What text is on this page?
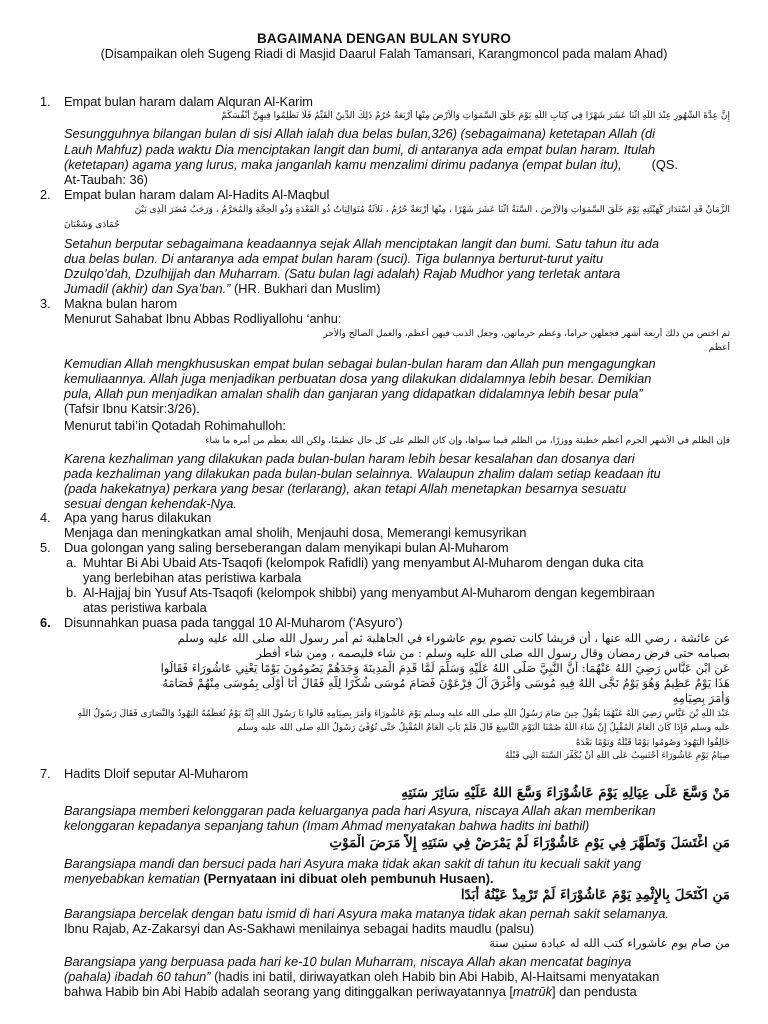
BAGAIMANA DENGAN BULAN SYURO
(Disampaikan oleh Sugeng Riadi di Masjid Daarul Falah Tamansari, Karangmoncol pada malam Ahad)
1. Empat bulan haram dalam Alquran Al-Karim
إِنَّ عِدَّةَ الشُّهُورِ عِنْدَ اللَّهِ اثْنَا عَشَرَ شَهْرًا فِي كِتَابِ اللَّهِ يَوْمَ خَلَقَ السَّمَوَاتِ وَالْأَرْضَ مِنْهَا أَرْبَعَةٌ حُرُمٌ ذَلِكَ الدِّينُ الْقَيِّمُ فَلَا تَظْلِمُوا فِيهِنَّ أَنْفُسَكُمْ
Sesungguhnya bilangan bulan di sisi Allah ialah dua belas bulan,326) (sebagaimana) ketetapan Allah (di
Lauh Mahfuz) pada waktu Dia menciptakan langit dan bumi, di antaranya ada empat bulan haram. Itulah
(ketetapan) agama yang lurus, maka janganlah kamu menzalimi dirimu padanya (empat bulan itu), (QS.
At-Taubah: 36)
2. Empat bulan haram dalam Al-Hadits Al-Maqbul
الزَّمَانُ قَدِ اسْتَدَارَ كَهَيْئَتِهِ يَوْمَ خَلَقَ السَّمَوَاتِ وَالأَرْضَ ، السَّنَةُ اثْنَا عَشَرَ شَهْرًا ، مِنْهَا أَرْبَعَةٌ حُرُمٌ ، ثَلاَثَةٌ مُتَوَالِيَاتٌ ذُو الْقَعْدَةِ وَذُو الْحِجَّةِ وَالْمُحَرَّمُ ، وَرَجَبُ مُضَرَ الَّذِى بَيْنَ
جُمَادَى وَشَعْبَانَ
Setahun berputar sebagaimana keadaannya sejak Allah menciptakan langit dan bumi. Satu tahun itu ada
dua belas bulan. Di antaranya ada empat bulan haram (suci). Tiga bulannya berturut-turut yaitu
Dzulqo’dah, Dzulhijjah dan Muharram. (Satu bulan lagi adalah) Rajab Mudhor yang terletak antara
Jumadil (akhir) dan Sya’ban.” (HR. Bukhari dan Muslim)
3. Makna bulan harom
Menurut Sahabat Ibnu Abbas Rodliyallohu ‘anhu:
ثم اختص من ذلك أربعة أشهر فجعلهن حراما، وعظم حرماتهن، وجعل الذنب فيهن أعظم، والعمل الصالح والأجر
أعظم
Kemudian Allah mengkhususkan empat bulan sebagai bulan-bulan haram dan Allah pun mengagungkan
kemuliaannya. Allah juga menjadikan perbuatan dosa yang dilakukan didalamnya lebih besar. Demikian
pula, Allah pun menjadikan amalan shalih dan ganjaran yang didapatkan didalamnya lebih besar pula”
(Tafsir Ibnu Katsir:3/26).
Menurut tabi’in Qotadah Rohimahulloh:
فإن الظلم في الأشهر الحرم أعظم خطيئة ووزرًا، من الظلم فيما سواها، وإن كان الظلم على كل حال عظيمًا، ولكن الله يعظّم من أمره ما شاء
Karena kezhaliman yang dilakukan pada bulan-bulan haram lebih besar kesalahan dan dosanya dari
pada kezhaliman yang dilakukan pada bulan-bulan selainnya. Walaupun zhalim dalam setiap keadaan itu
(pada hakekatnya) perkara yang besar (terlarang), akan tetapi Allah menetapkan besarnya sesuatu
sesuai dengan kehendak-Nya.
4. Apa yang harus dilakukan
Menjaga dan meningkatkan amal sholih, Menjauhi dosa, Memerangi kemusyrikan
5. Dua golongan yang saling berseberangan dalam menyikapi bulan Al-Muharom
a. Muhtar Bi Abi Ubaid Ats-Tsaqofi (kelompok Rafidli) yang menyambut Al-Muharom dengan duka cita
yang berlebihan atas peristiwa karbala
b. Al-Hajjaj bin Yusuf Ats-Tsaqofi (kelompok shibbi) yang menyambut Al-Muharom dengan kegembiraan
atas peristiwa karbala
6. Disunnahkan puasa pada tanggal 10 Al-Muharom (‘Asyuro’)
عن عائشة ، رضي الله عنها ، أن قريشا كانت تصوم يوم عاشوراء في الجاهلية ثم أمر رسول الله صلى الله عليه وسلم
بصيامه حتى فرض رمضان وقال رسول الله صلى الله عليه وسلم : من شاء فليصمه ، ومن شاء أفطر
عَنِ ابْنِ عَبَّاسٍ رَضِيَ اللهُ عَنْهُمَا: أَنَّ النَّبِيَّ صَلَّى اللهُ عَلَيْهِ وَسَلَّمَ لَمَّا قَدِمَ الْمَدِينَةَ وَجَدَهُمْ يَصُومُونَ يَوْمًا يَعْنِي عَاشُورَاءَ فَقَالُوا
هَذَا يَوْمٌ عَظِيمٌ وَهُوَ يَوْمٌ نَجَّى اللهُ فِيهِ مُوسَى وَأَغْرَقَ آلَ فِرْعَوْنَ فَصَامَ مُوسَى شُكْرًا لِلَّهِ فَقَالَ أَنَا أَوْلَى بِمُوسَى مِنْهُمْ فَصَامَهُ
وَأَمَرَ بِصِيَامِهِ
عَبْدَ اللَّهِ بْنَ عَبَّاسٍ رَضِيَ اللَّهُ عَنْهُمَا يَقُولُ حِينَ صَامَ رَسُولُ اللَّهِ صلى الله عليه وسلم يَوْمَ عَاشُورَاءَ وَأَمَرَ بِصِيَامِهِ قَالُوا يَا رَسُولَ اللَّهِ إِنَّهُ يَوْمٌ تُعَظِّمُهُ الْيَهُودُ وَالنَّصَارَى فَقَالَ رَسُولُ اللَّهِ
عليه وسلم فَإِذَا كَانَ الْعَامُ الْمُقْبِلُ إِنْ شَاءَ اللَّهُ صُمْنَا الْيَوْمَ التَّاسِعَ قَالَ فَلَمْ يَأْتِ الْعَامُ الْمُقْبِلُ حَتَّى تُوُفِّيَ رَسُولُ اللَّهِ صلى الله عليه وسلم
خَالِفُوا الْيَهُودَ وَصُومُوا يَوْمًا قَبْلَهُ وَيَوْمًا بَعْدَهُ
صِيَامُ يَوْمِ عَاشُورَاءَ أَحْتَسِبُ عَلَى اللَّهِ أَنْ يُكَفِّرَ السَّنَةَ الَّتِي قَبْلَهُ
7. Hadits Dloif seputar Al-Muharom
مَنْ وَسَّعَ عَلَى عِيَالِهِ يَوْمَ عَاشُوْرَاءَ وَسَّعَ اللهُ عَلَيْهِ سَائِرَ سَنَتِهِ
Barangsiapa memberi kelonggaran pada keluarganya pada hari Asyura, niscaya Allah akan memberikan
kelonggaran kepadanya sepanjang tahun (Imam Ahmad menyatakan bahwa hadits ini bathil)
مَنِ اغْتَسَلَ وَتَطَهَّرَ فِي يَوْمِ عَاشُوْرَاءَ لَمْ يَمْرَضْ فِي سَنَتِهِ إِلاَّ مَرَضَ الْمَوْتِ
Barangsiapa mandi dan bersuci pada hari Asyura maka tidak akan sakit di tahun itu kecuali sakit yang
menyebabkan kematian (Pernyataan ini dibuat oleh pembunuh Husaen).
مَنِ اكْتَحَلَ بِالإِثْمِدِ يَوْمَ عَاشُوْرَاءَ لَمْ تَرْمِدْ عَيْنُهُ أَبَدًا
Barangsiapa bercelak dengan batu ismid di hari Asyura maka matanya tidak akan pernah sakit selamanya.
Ibnu Rajab, Az-Zakarsyi dan As-Sakhawi menilainya sebagai hadits maudlu (palsu)
من صام يوم عاشوراء كتب الله له عبادة ستين سنة
Barangsiapa yang berpuasa pada hari ke-10 bulan Muharram, niscaya Allah akan mencatat baginya
(pahala) ibadah 60 tahun” (hadis ini batil, diriwayatkan oleh Habib bin Abi Habib, Al-Haitsami menyatakan
bahwa Habib bin Abi Habib adalah seorang yang ditinggalkan periwayatannya [matrūk] dan pendusta
